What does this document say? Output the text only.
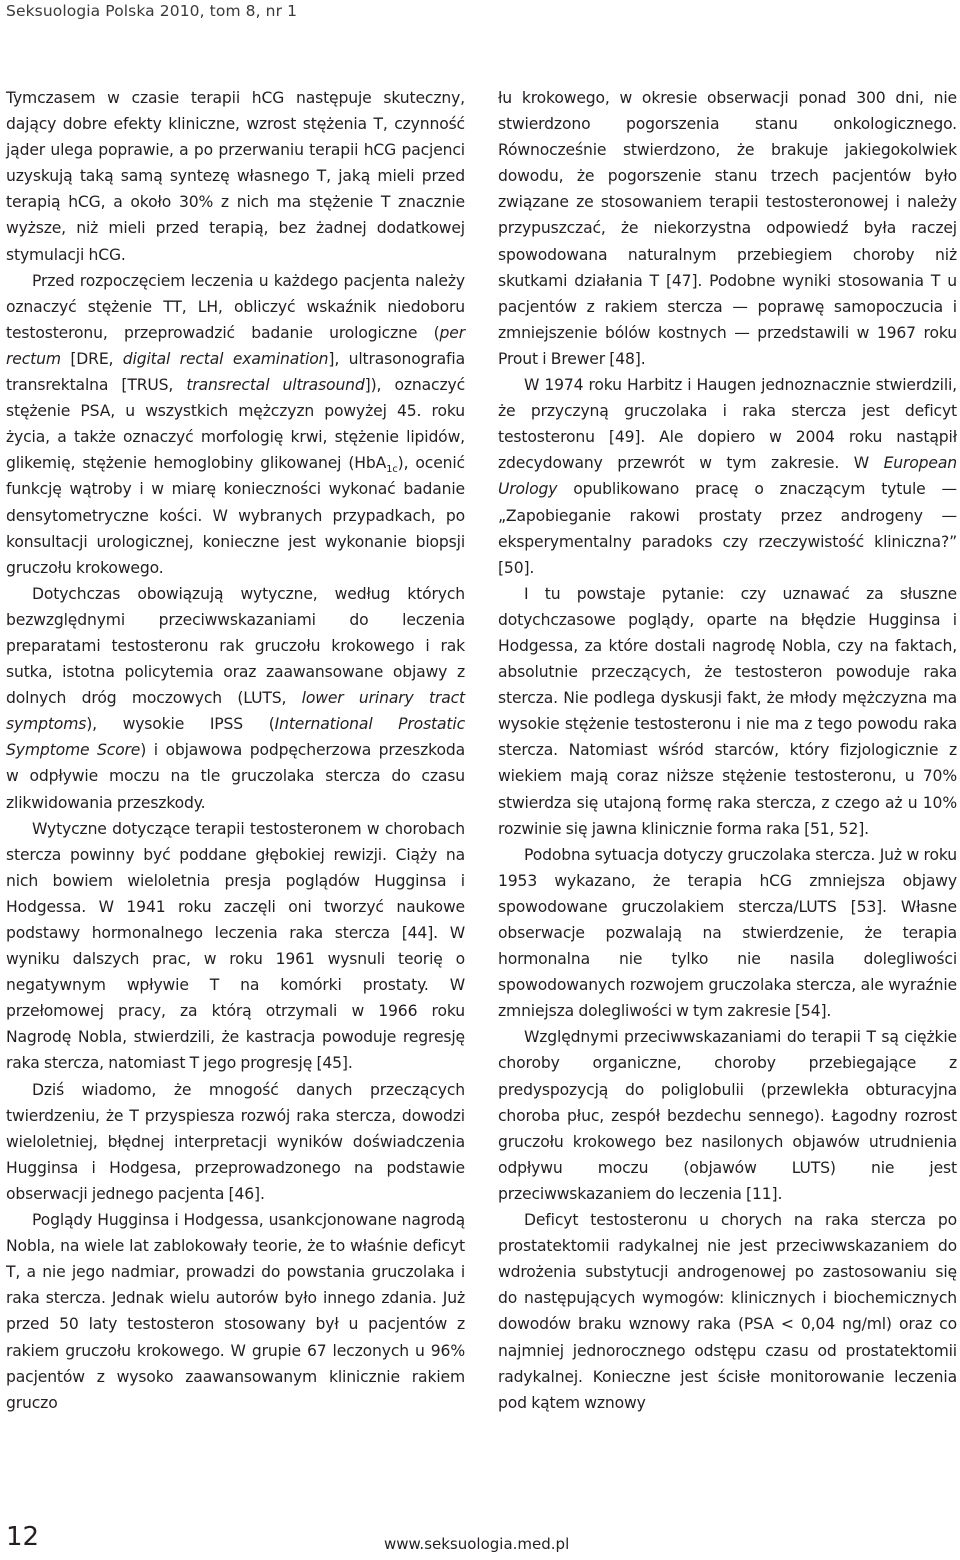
Seksuologia Polska 2010, tom 8, nr 1

Tymczasem w czasie terapii hCG następuje skuteczny, dający dobre efekty kliniczne, wzrost stężenia T, czynność jąder ulega poprawie, a po przerwaniu terapii hCG pacjenci uzyskują taką samą syntezę własnego T, jaką mieli przed terapią hCG, a około 30% z nich ma stężenie T znacznie wyższe, niż mieli przed terapią, bez żadnej dodatkowej stymulacji hCG.

Przed rozpoczęciem leczenia u każdego pacjenta należy oznaczyć stężenie TT, LH, obliczyć wskaźnik niedoboru testosteronu, przeprowadzić badanie urologiczne (per rectum [DRE, digital rectal examination], ultrasonografia transrektalna [TRUS, transrectal ultrasound]), oznaczyć stężenie PSA, u wszystkich mężczyzn powyżej 45. roku życia, a także oznaczyć morfologię krwi, stężenie lipidów, glikemię, stężenie hemoglobiny glikowanej (HbA$_{1c}$), ocenić funkcję wątroby i w miarę konieczności wykonać badanie densytometryczne kości. W wybranych przypadkach, po konsultacji urologicznej, konieczne jest wykonanie biopsji gruczołu krokowego.

Dotychczas obowiązują wytyczne, według których bezwzględnymi przeciwwskazaniami do leczenia preparatami testosteronu rak gruczołu krokowego i rak sutka, istotna policytemia oraz zaawansowane objawy z dolnych dróg moczowych (LUTS, lower urinary tract symptoms), wysokie IPSS (International Prostatic Symptome Score) i objawowa podpęcherzowa przeszkoda w odpływie moczu na tle gruczolaka stercza do czasu zlikwidowania przeszkody.

Wytyczne dotyczące terapii testosteronem w chorobach stercza powinny być poddane głębokiej rewizji. Ciąży na nich bowiem wieloletnia presja poglądów Hugginsa i Hodgessa. W 1941 roku zaczęli oni tworzyć naukowe podstawy hormonalnego leczenia raka stercza [44]. W wyniku dalszych prac, w roku 1961 wysnuli teorię o negatywnym wpływie T na komórki prostaty. W przełomowej pracy, za którą otrzymali w 1966 roku Nagrodę Nobla, stwierdzili, że kastracja powoduje regresję raka stercza, natomiast T jego progresję [45].

Dziś wiadomo, że mnogość danych przeczących twierdzeniu, że T przyspiesza rozwój raka stercza, dowodzi wieloletniej, błędnej interpretacji wyników doświadczenia Hugginsa i Hodgesa, przeprowadzonego na podstawie obserwacji jednego pacjenta [46].

Poglądy Hugginsa i Hodgessa, usankcjonowane nagrodą Nobla, na wiele lat zablokowały teorie, że to właśnie deficyt T, a nie jego nadmiar, prowadzi do powstania gruczolaka i raka stercza. Jednak wielu autorów było innego zdania. Już przed 50 laty testosteron stosowany był u pacjentów z rakiem gruczołu krokowego. W grupie 67 leczonych u 96% pacjentów z wysoko zaawansowanym klinicznie rakiem gruczo

łu krokowego, w okresie obserwacji ponad 300 dni, nie stwierdzono pogorszenia stanu onkologicznego. Równocześnie stwierdzono, że brakuje jakiegokolwiek dowodu, że pogorszenie stanu trzech pacjentów było związane ze stosowaniem terapii testosteronowej i należy przypuszczać, że niekorzystna odpowiedź była raczej spowodowana naturalnym przebiegiem choroby niż skutkami działania T [47]. Podobne wyniki stosowania T u pacjentów z rakiem stercza — poprawę samopoczucia i zmniejszenie bólów kostnych — przedstawili w 1967 roku Prout i Brewer [48].

W 1974 roku Harbitz i Haugen jednoznacznie stwierdzili, że przyczyną gruczolaka i raka stercza jest deficyt testosteronu [49]. Ale dopiero w 2004 roku nastąpił zdecydowany przewrót w tym zakresie. W European Urology opublikowano pracę o znaczącym tytule — „Zapobieganie rakowi prostaty przez androgeny — eksperymentalny paradoks czy rzeczywistość kliniczna?” [50].

I tu powstaje pytanie: czy uznawać za słuszne dotychczasowe poglądy, oparte na błędzie Hugginsa i Hodgessa, za które dostali nagrodę Nobla, czy na faktach, absolutnie przeczących, że testosteron powoduje raka stercza. Nie podlega dyskusji fakt, że młody mężczyzna ma wysokie stężenie testosteronu i nie ma z tego powodu raka stercza. Natomiast wśród starców, który fizjologicznie z wiekiem mają coraz niższe stężenie testosteronu, u 70% stwierdza się utajoną formę raka stercza, z czego aż u 10% rozwinie się jawna klinicznie forma raka [51, 52].

Podobna sytuacja dotyczy gruczolaka stercza. Już w roku 1953 wykazano, że terapia hCG zmniejsza objawy spowodowane gruczolakiem stercza/LUTS [53]. Własne obserwacje pozwalają na stwierdzenie, że terapia hormonalna nie tylko nie nasila dolegliwości spowodowanych rozwojem gruczolaka stercza, ale wyraźnie zmniejsza dolegliwości w tym zakresie [54].

Względnymi przeciwwskazaniami do terapii T są ciężkie choroby organiczne, choroby przebiegające z predyspozycją do poliglobulii (przewlekła obturacyjna choroba płuc, zespół bezdechu sennego). Łagodny rozrost gruczołu krokowego bez nasilonych objawów utrudnienia odpływu moczu (objawów LUTS) nie jest przeciwwskazaniem do leczenia [11].

Deficyt testosteronu u chorych na raka stercza po prostatektomii radykalnej nie jest przeciwwskazaniem do wdrożenia substytucji androgenowej po zastosowaniu się do następujących wymogów: klinicznych i biochemicznych dowodów braku wznowy raka (PSA < 0,04 ng/ml) oraz co najmniej jednorocznego odstępu czasu od prostatektomii radykalnej. Konieczne jest ścisłe monitorowanie leczenia pod kątem wznowy

12	www.seksuologia.med.pl
